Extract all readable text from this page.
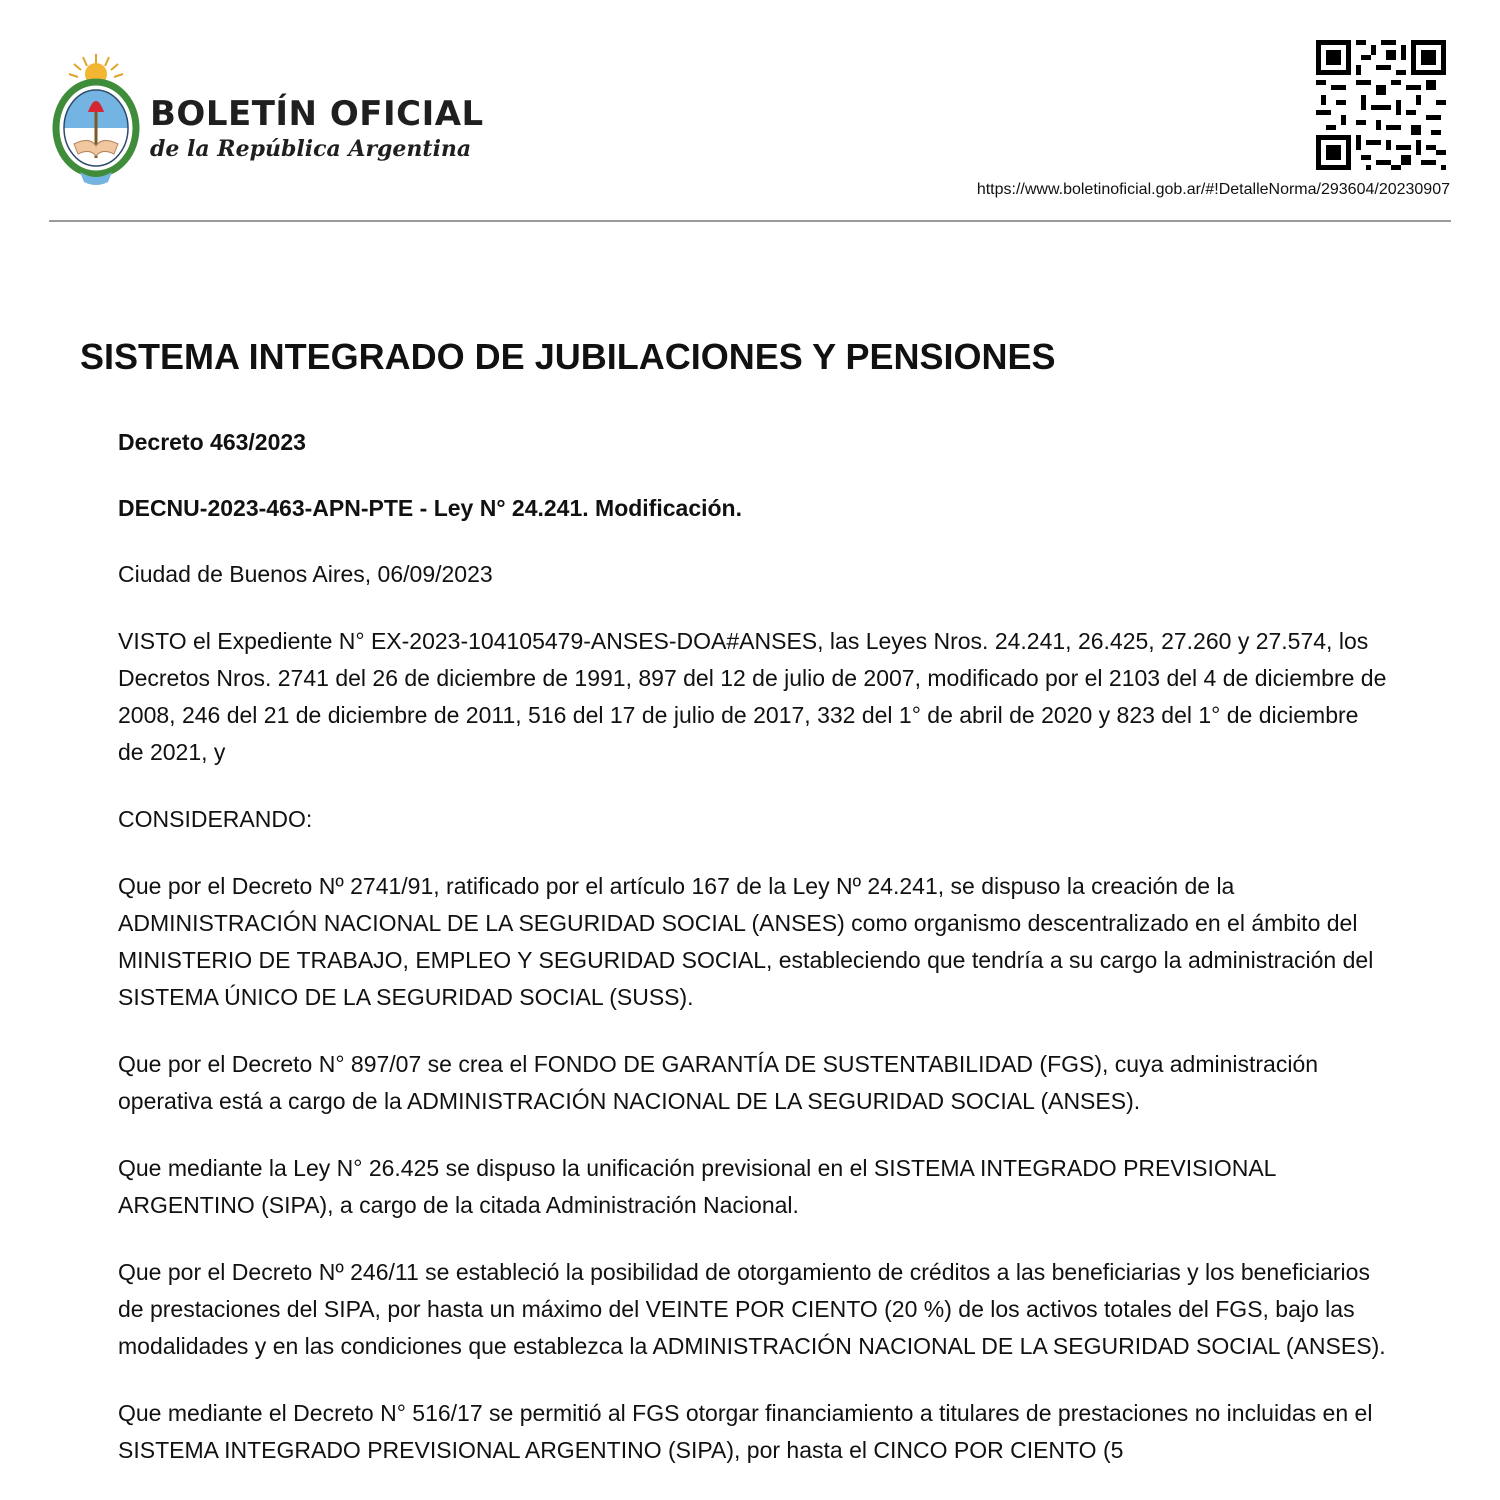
BOLETÍN OFICIAL
de la República Argentina
https://www.boletinoficial.gob.ar/#!DetalleNorma/293604/20230907
SISTEMA INTEGRADO DE JUBILACIONES Y PENSIONES
Decreto 463/2023
DECNU-2023-463-APN-PTE - Ley N° 24.241. Modificación.

Ciudad de Buenos Aires, 06/09/2023

VISTO el Expediente N° EX-2023-104105479-ANSES-DOA#ANSES, las Leyes Nros. 24.241, 26.425, 27.260 y 27.574, los Decretos Nros. 2741 del 26 de diciembre de 1991, 897 del 12 de julio de 2007, modificado por el 2103 del 4 de diciembre de 2008, 246 del 21 de diciembre de 2011, 516 del 17 de julio de 2017, 332 del 1° de abril de 2020 y 823 del 1° de diciembre de 2021, y

CONSIDERANDO:

Que por el Decreto Nº 2741/91, ratificado por el artículo 167 de la Ley Nº 24.241, se dispuso la creación de la ADMINISTRACIÓN NACIONAL DE LA SEGURIDAD SOCIAL (ANSES) como organismo descentralizado en el ámbito del MINISTERIO DE TRABAJO, EMPLEO Y SEGURIDAD SOCIAL, estableciendo que tendría a su cargo la administración del SISTEMA ÚNICO DE LA SEGURIDAD SOCIAL (SUSS).

Que por el Decreto N° 897/07 se crea el FONDO DE GARANTÍA DE SUSTENTABILIDAD (FGS), cuya administración operativa está a cargo de la ADMINISTRACIÓN NACIONAL DE LA SEGURIDAD SOCIAL (ANSES).

Que mediante la Ley N° 26.425 se dispuso la unificación previsional en el SISTEMA INTEGRADO PREVISIONAL ARGENTINO (SIPA), a cargo de la citada Administración Nacional.

Que por el Decreto Nº 246/11 se estableció la posibilidad de otorgamiento de créditos a las beneficiarias y los beneficiarios de prestaciones del SIPA, por hasta un máximo del VEINTE POR CIENTO (20 %) de los activos totales del FGS, bajo las modalidades y en las condiciones que establezca la ADMINISTRACIÓN NACIONAL DE LA SEGURIDAD SOCIAL (ANSES).

Que mediante el Decreto N° 516/17 se permitió al FGS otorgar financiamiento a titulares de prestaciones no incluidas en el SISTEMA INTEGRADO PREVISIONAL ARGENTINO (SIPA), por hasta el CINCO POR CIENTO (5
